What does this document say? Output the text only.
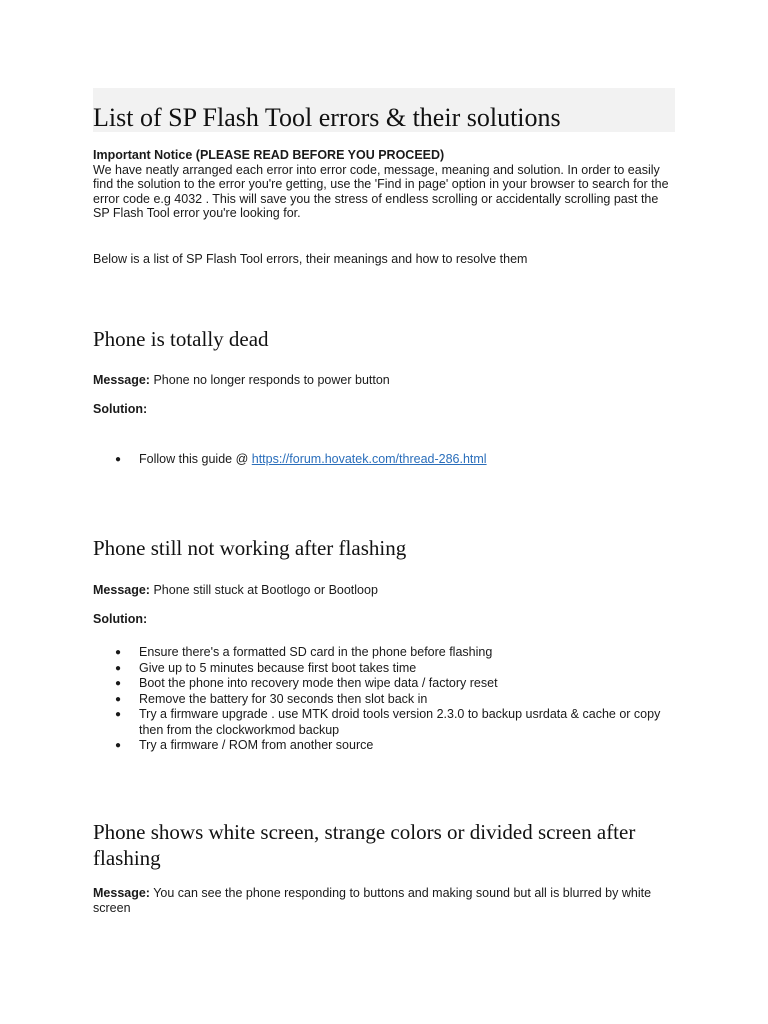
List of SP Flash Tool errors & their solutions
Important Notice (PLEASE READ BEFORE YOU PROCEED)
We have neatly arranged each error into error code, message, meaning and solution. In order to easily find the solution to the error you're getting, use the 'Find in page' option in your browser to search for the error code e.g 4032 . This will save you the stress of endless scrolling or accidentally scrolling past the SP Flash Tool error you're looking for.
Below is a list of SP Flash Tool errors, their meanings and how to resolve them
Phone is totally dead
Message: Phone no longer responds to power button
Solution:
● Follow this guide @ https://forum.hovatek.com/thread-286.html
Phone still not working after flashing
Message: Phone still stuck at Bootlogo or Bootloop
Solution:
● Ensure there's a formatted SD card in the phone before flashing
● Give up to 5 minutes because first boot takes time
● Boot the phone into recovery mode then wipe data / factory reset
● Remove the battery for 30 seconds then slot back in
● Try a firmware upgrade . use MTK droid tools version 2.3.0 to backup usrdata & cache or copy then from the clockworkmod backup
● Try a firmware / ROM from another source
Phone shows white screen, strange colors or divided screen after flashing
Message: You can see the phone responding to buttons and making sound but all is blurred by white screen
